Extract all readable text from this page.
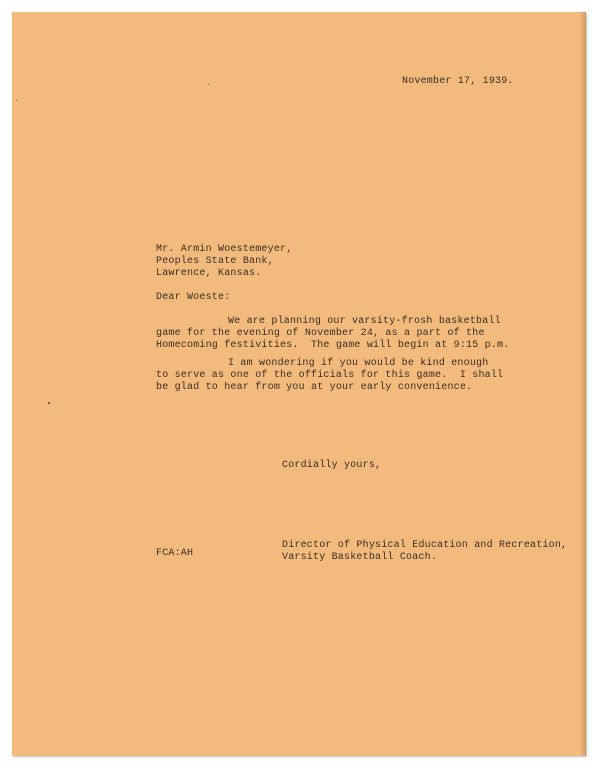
November 17, 1939.
Mr. Armin Woestemeyer,
Peoples State Bank,
Lawrence, Kansas.
Dear Woeste:
We are planning our varsity-frosh basketball
game for the evening of November 24, as a part of the
Homecoming festivities.  The game will begin at 9:15 p.m.
I am wondering if you would be kind enough
to serve as one of the officials for this game.  I shall
be glad to hear from you at your early convenience.
Cordially yours,
FCA:AH
Director of Physical Education and Recreation,
Varsity Basketball Coach.
